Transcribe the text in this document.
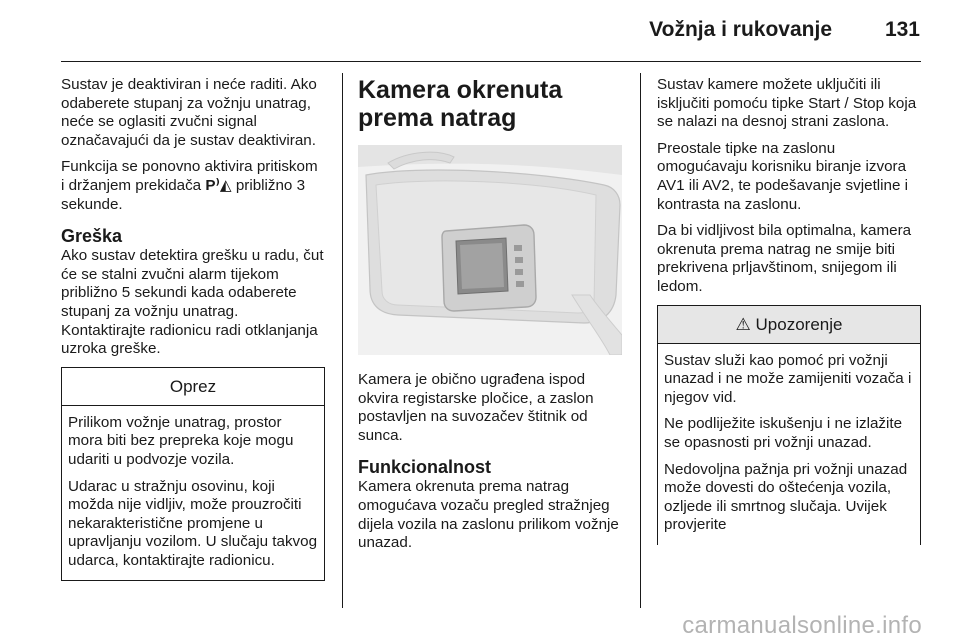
Vožnja i rukovanje	131

Sustav je deaktiviran i neće raditi. Ako odaberete stupanj za vožnju unatrag, neće se oglasiti zvučni signal označavajući da je sustav deaktiviran.

Funkcija se ponovno aktivira pritiskom i držanjem prekidača P⁾◭ približno 3 sekunde.

Greška

Ako sustav detektira grešku u radu, čut će se stalni zvučni alarm tijekom približno 5 sekundi kada odaberete stupanj za vožnju unatrag. Kontaktirajte radionicu radi otklanjanja uzroka greške.

Oprez

Prilikom vožnje unatrag, prostor mora biti bez prepreka koje mogu udariti u podvozje vozila.

Udarac u stražnju osovinu, koji možda nije vidljiv, može prouzročiti nekarakteristične promjene u upravljanju vozilom. U slučaju takvog udarca, kontaktirajte radionicu.

Kamera okrenuta prema natrag

Kamera je obično ugrađena ispod okvira registarske pločice, a zaslon postavljen na suvozačev štitnik od sunca.

Funkcionalnost

Kamera okrenuta prema natrag omogućava vozaču pregled stražnjeg dijela vozila na zaslonu prilikom vožnje unazad.

Sustav kamere možete uključiti ili isključiti pomoću tipke Start / Stop koja se nalazi na desnoj strani zaslona.

Preostale tipke na zaslonu omogućavaju korisniku biranje izvora AV1 ili AV2, te podešavanje svjetline i kontrasta na zaslonu.

Da bi vidljivost bila optimalna, kamera okrenuta prema natrag ne smije biti prekrivena prljavštinom, snijegom ili ledom.

⚠ Upozorenje

Sustav služi kao pomoć pri vožnji unazad i ne može zamijeniti vozača i njegov vid.

Ne podliježite iskušenju i ne izlažite se opasnosti pri vožnji unazad.

Nedovoljna pažnja pri vožnji unazad može dovesti do oštećenja vozila, ozljede ili smrtnog slučaja. Uvijek provjerite

carmanualsonline.info
